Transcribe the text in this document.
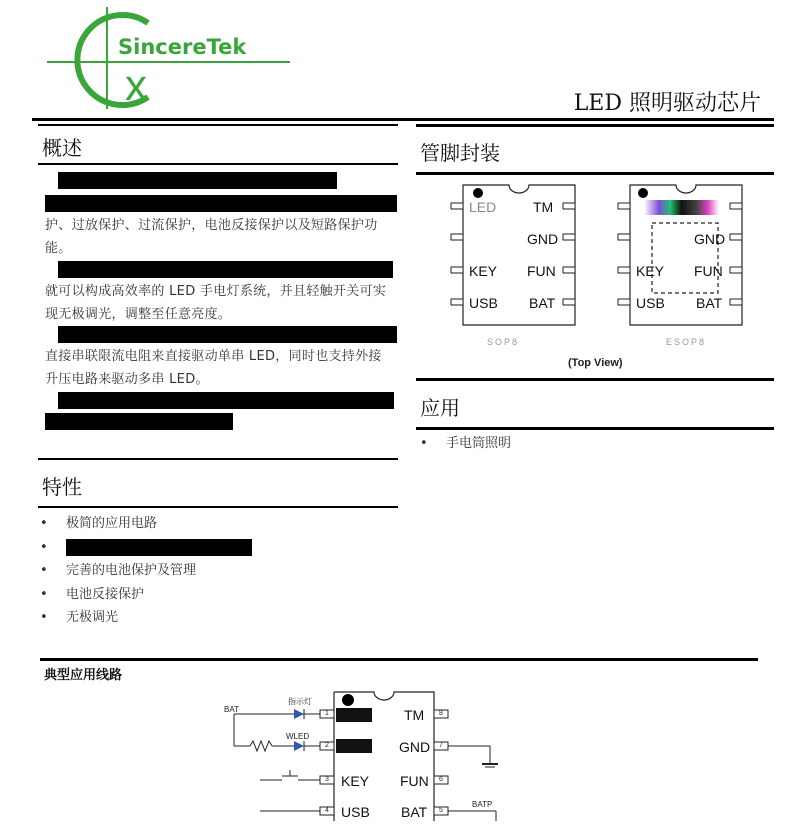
x
SincereTek
LED 照明驱动芯片
概述
护、过放保护、过流保护，电池反接保护以及短路保护功
能。
就可以构成高效率的 LED 手电灯系统，并且轻触开关可实
现无极调光，调整至任意亮度。
直接串联限流电阻来直接驱动单串 LED，同时也支持外接
升压电路来驱动多串 LED。
特性
• 极简的应用电路
•
• 完善的电池保护及管理
• 电池反接保护
• 无极调光
管脚封装
LED
KEY
USB
TM
GND
FUN
BAT
SOP8
KEY
USB
GND
FUN
BAT
ESOP8
(Top View)
应用
• 手电筒照明
典型应用线路
BAT
指示灯
WLED
BATP
1
2
3
4
8
7
6
5
KEY
USB
TM
GND
FUN
BAT
